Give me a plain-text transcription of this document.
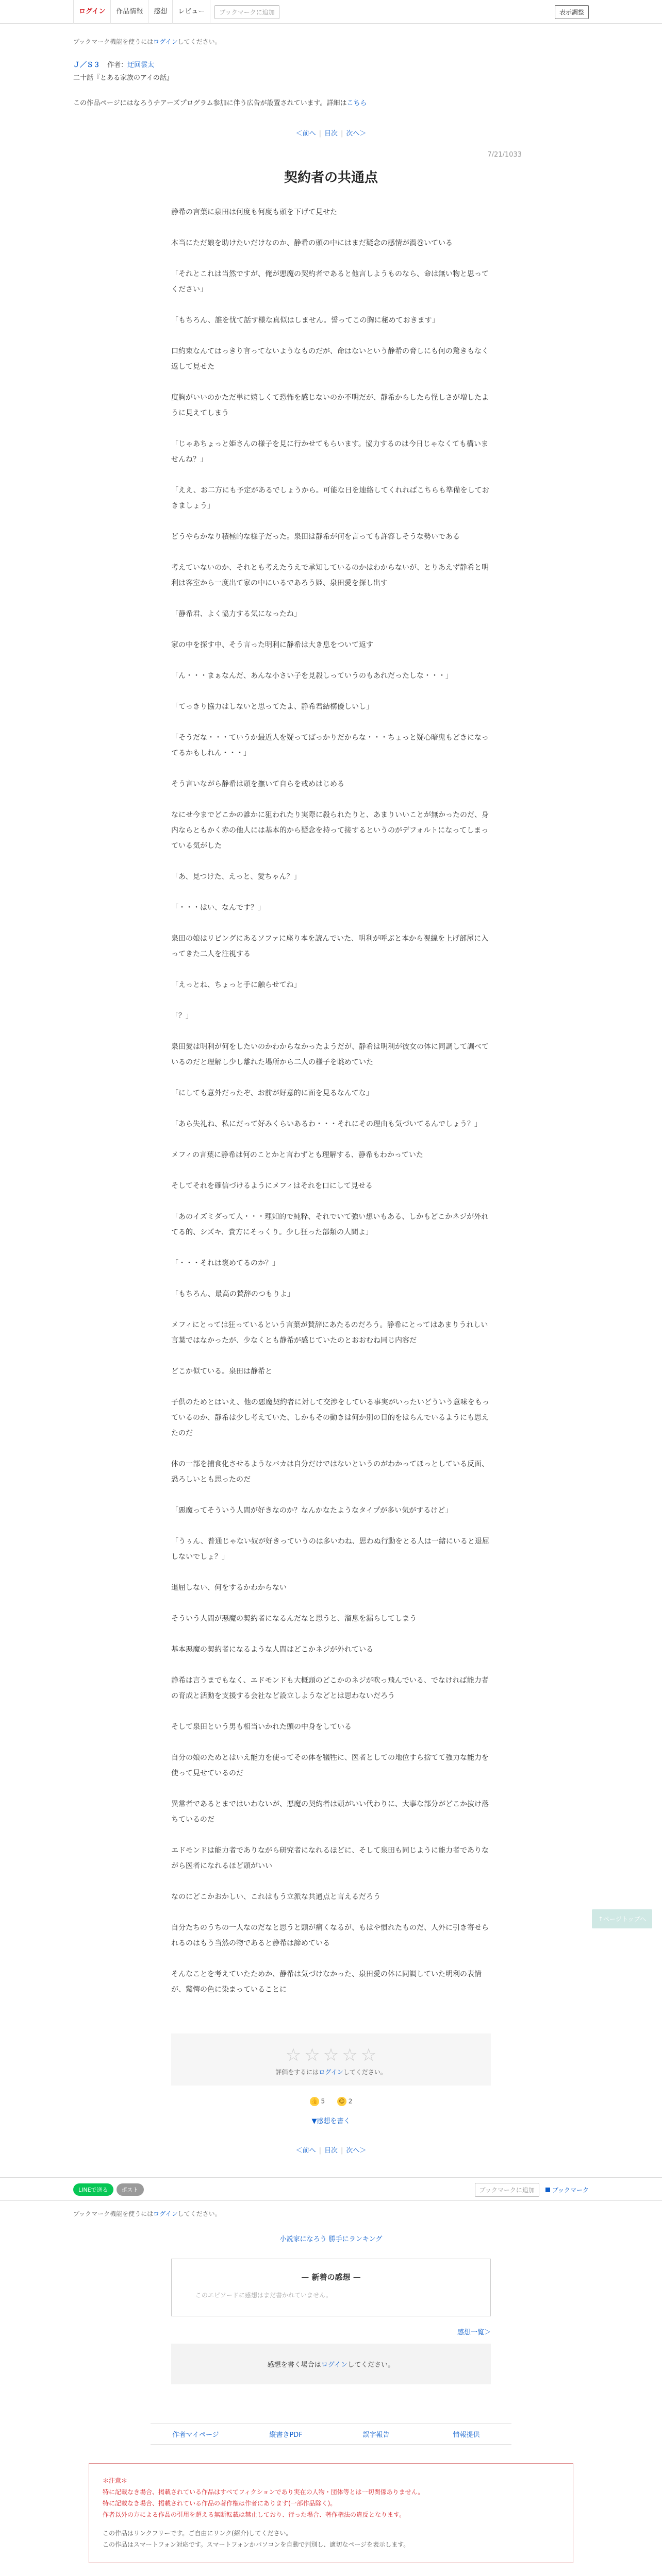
ログイン	作品情報	感想	レビュー	ブックマークに追加	表示調整
ブックマーク機能を使うにはログインしてください。
Ｊ／Ｓ３ 作者：迂回雲太
二十話『とある家族のアイの話』
この作品ページにはなろうチアーズプログラム参加に伴う広告が設置されています。詳細はこちら
＜前へ | 目次 | 次へ＞
7/21/1033
契約者の共通点

静希の言葉に泉田は何度も何度も頭を下げて見せた

本当にただ娘を助けたいだけなのか、静希の頭の中にはまだ疑念の感情が渦巻いている

「それとこれは当然ですが、俺が悪魔の契約者であると他言しようものなら、命は無い物と思ってください」

「もちろん、誰を忧て話す様な真似はしません。誓ってこの胸に秘めておきます」

口約束なんてはっきり言ってないようなものだが、命はないという静希の脅しにも何の驚きもなく返して見せた

度胸がいいのかただ単に嬉しくて恐怖を感じないのか不明だが、静希からしたら怪しさが増したように見えてしまう

「じゃあちょっと姫さんの様子を見に行かせてもらいます。協力するのは今日じゃなくても構いませんね？」

「ええ、お二方にも予定があるでしょうから。可能な日を連絡してくれればこちらも準備をしておきましょう」

どうやらかなり積極的な様子だった。泉田は静希が何を言っても許容しそうな勢いである

考えていないのか、それとも考えたうえで承知しているのかはわからないが、とりあえず静希と明利は客室から一度出て家の中にいるであろう姫、泉田愛を探し出す

「静希君、よく協力する気になったね」

家の中を探す中、そう言った明利に静希は大き息をついて返す

「ん・・・まぁなんだ、あんな小さい子を見殺しっていうのもあれだったしな・・・」

「てっきり協力はしないと思ってたよ、静希君結構優しいし」

「そうだな・・・ていうか最近人を疑ってばっかりだからな・・・ちょっと疑心暗鬼もどきになってるかもしれん・・・」

そう言いながら静希は頭を撫いて自らを戒めはじめる

なにせ今までどこかの誰かに狙われたり実際に殺られたりと、あまりいいことが無かったのだ、身内ならともかく赤の他人には基本的から疑念を持って接するというのがデフォルトになってしまっている気がした

「あ、見つけた、えっと、愛ちゃん？」

「・・・はい、なんです？」

泉田の娘はリビングにあるソファに座り本を読んでいた、明利が呼ぶと本から視線を上げ部屋に入ってきた二人を注視する

「えっとね、ちょっと手に触らせてね」

「？」

泉田愛は明利が何をしたいのかわからなかったようだが、静希は明利が彼女の体に同調して調べているのだと理解し少し離れた場所から二人の様子を眺めていた

「にしても意外だったぞ、お前が好意的に面を見るなんてな」

「あら失礼ね、私にだって好みくらいあるわ・・・それにその理由も気づいてるんでしょう？」

メフィの言葉に静希は何のことかと言わずとも理解する、静希もわかっていた

そしてそれを確信づけるようにメフィはそれを口にして見せる

「あのイズミダって人・・・理知的で純粋、それでいて強い想いもある、しかもどこかネジが外れてる的、シズキ、貴方にそっくり。少し狂った部類の人間よ」

「・・・それは褒めてるのか？」

「もちろん、最高の賛辞のつもりよ」

メフィにとっては狂っているという言葉が賛辞にあたるのだろう。静希にとってはあまりうれしい言葉ではなかったが、少なくとも静希が感じていたのとおおむね同じ内容だ

どこか似ている。泉田は静希と

子供のためとはいえ、他の悪魔契約者に対して交渉をしている事実がいったいどういう意味をもっているのか、静希は少し考えていた、しかもその動きは何か別の目的をはらんでいるようにも思えたのだ

体の一部を捕食化させるようなバカは自分だけではないというのがわかってほっとしている反面、恐ろしいとも思ったのだ

「悪魔ってそういう人間が好きなのか？なんかなたようなタイプが多い気がするけど」

「うぅん、普通じゃない奴が好きっていうのは多いわね、思わぬ行動をとる人は一緒にいると退屈しないでしょ？」

退屈しない、何をするかわからない

そういう人間が悪魔の契約者になるんだなと思うと、溜息を漏らしてしまう

基本悪魔の契約者になるような人間はどこかネジが外れている

静希は言うまでもなく、エドモンドも大概頭のどこかのネジが吹っ飛んでいる、でなければ能力者の育成と活動を支援する会社など設立しようなどとは思わないだろう

そして泉田という男も相当いかれた頭の中身をしている

自分の娘のためとはいえ能力を使ってその体を犠牲に、医者としての地位すら捨てて強力な能力を使って見せているのだ

異常者であるとまではいわないが、悪魔の契約者は頭がいい代わりに、大事な部分がどこか抜け落ちているのだ

エドモンドは能力者でありながら研究者になれるほどに、そして泉田も同じように能力者でありながら医者になれるほど頭がいい

なのにどこかおかしい、これはもう立派な共通点と言えるだろう

自分たちのうちの一人なのだなと思うと頭が痛くなるが、もはや慣れたものだ、人外に引き寄せられるのはもう当然の物であると静希は諦めている

そんなことを考えていたためか、静希は気づけなかった、泉田愛の体に同調していた明利の表情が、驚愕の色に染まっていることに

☆ ☆ ☆ ☆ ☆
評価をするにはログインしてください。
👍 5 😊 2
▼感想を書く
＜前へ | 目次 | 次へ＞
LINEで送る	ポスト	ブックマークに追加	ブックマーク
ブックマーク機能を使うにはログインしてください。
小説家になろう 勝手にランキング
— 新着の感想 —
このエピソードに感想はまだ書かれていません。
感想一覧＞
感想を書く場合はログインしてください。
作者マイページ	縦書きPDF	誤字報告	情報提供
＊注意＊
特に記載なき場合、掲載されている作品はすべてフィクションであり実在の人物・団体等とは一切関係ありません。
特に記載なき場合、掲載されている作品の著作権は作者にあります(一部作品除く)。
作者以外の方による作品の引用を超える無断転載は禁止しており、行った場合、著作権法の違反となります。
この作品はリンクフリーです。ご自由にリンク(紹介)してください。
この作品はスマートフォン対応です。スマートフォンかパソコンを自動で判別し、適切なページを表示します。
↑ページトップへ
